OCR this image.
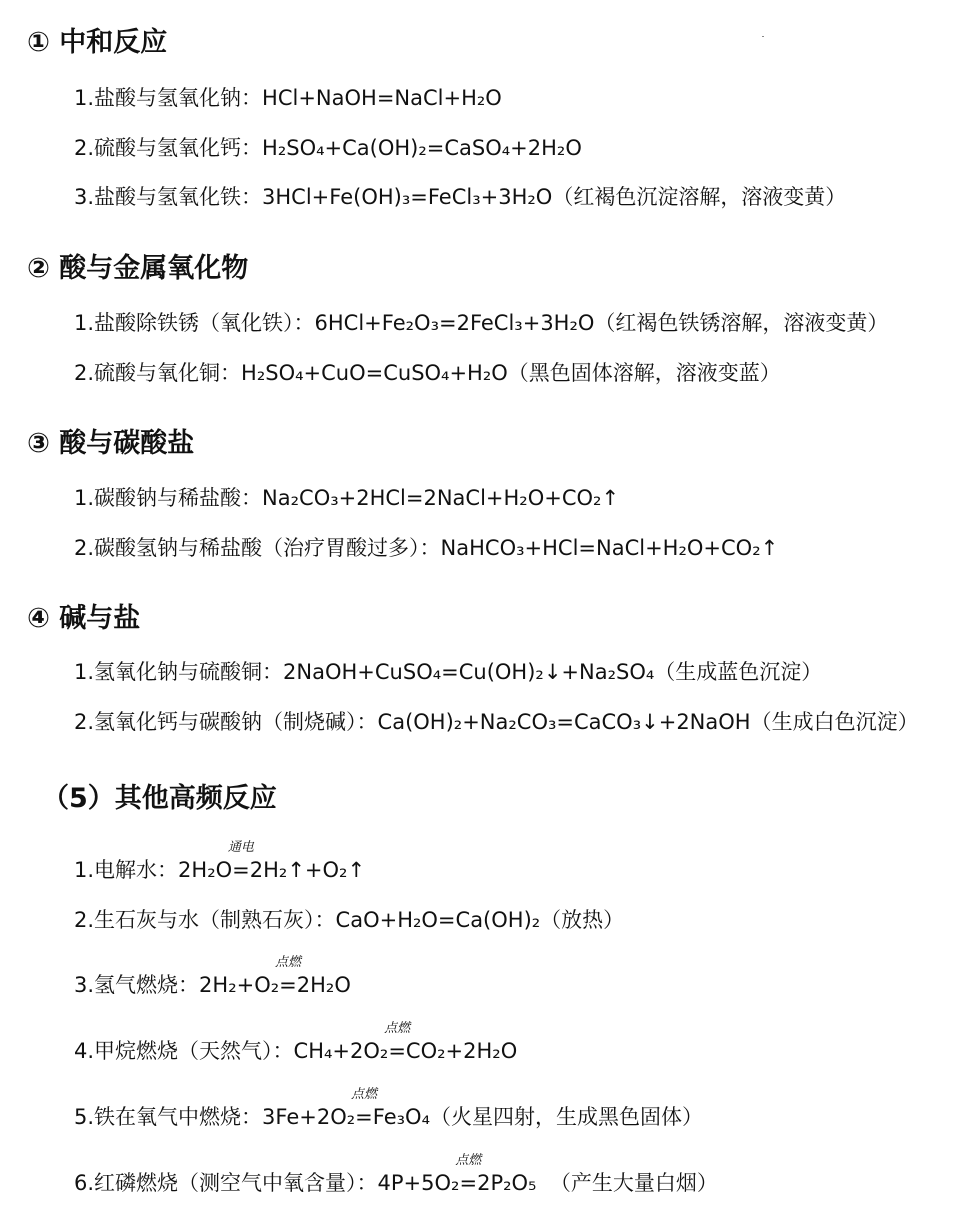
① 中和反应
1.盐酸与氢氧化钠：HCl+NaOH=NaCl+H₂O
2.硫酸与氢氧化钙：H₂SO₄+Ca(OH)₂=CaSO₄+2H₂O
3.盐酸与氢氧化铁：3HCl+Fe(OH)₃=FeCl₃+3H₂O（红褐色沉淀溶解，溶液变黄）
② 酸与金属氧化物
1.盐酸除铁锈（氧化铁）：6HCl+Fe₂O₃=2FeCl₃+3H₂O（红褐色铁锈溶解，溶液变黄）
2.硫酸与氧化铜：H₂SO₄+CuO=CuSO₄+H₂O（黑色固体溶解，溶液变蓝）
③ 酸与碳酸盐
1.碳酸钠与稀盐酸：Na₂CO₃+2HCl=2NaCl+H₂O+CO₂↑
2.碳酸氢钠与稀盐酸（治疗胃酸过多）：NaHCO₃+HCl=NaCl+H₂O+CO₂↑
④ 碱与盐
1.氢氧化钠与硫酸铜：2NaOH+CuSO₄=Cu(OH)₂↓+Na₂SO₄（生成蓝色沉淀）
2.氢氧化钙与碳酸钠（制烧碱）：Ca(OH)₂+Na₂CO₃=CaCO₃↓+2NaOH（生成白色沉淀）
（5）其他高频反应
1.电解水：2H₂O
通电
=2H₂↑+O₂↑
2.生石灰与水（制熟石灰）：CaO+H₂O=Ca(OH)₂（放热）
3.氢气燃烧：2H₂+O₂
点燃
=2H₂O
4.甲烷燃烧（天然气）：CH₄+2O₂
点燃
=CO₂+2H₂O
5.铁在氧气中燃烧：3Fe+2O₂
点燃
=Fe₃O₄（火星四射，生成黑色固体）
6.红磷燃烧（测空气中氧含量）：4P+5O₂
点燃
=2P₂O₅  （产生大量白烟）
